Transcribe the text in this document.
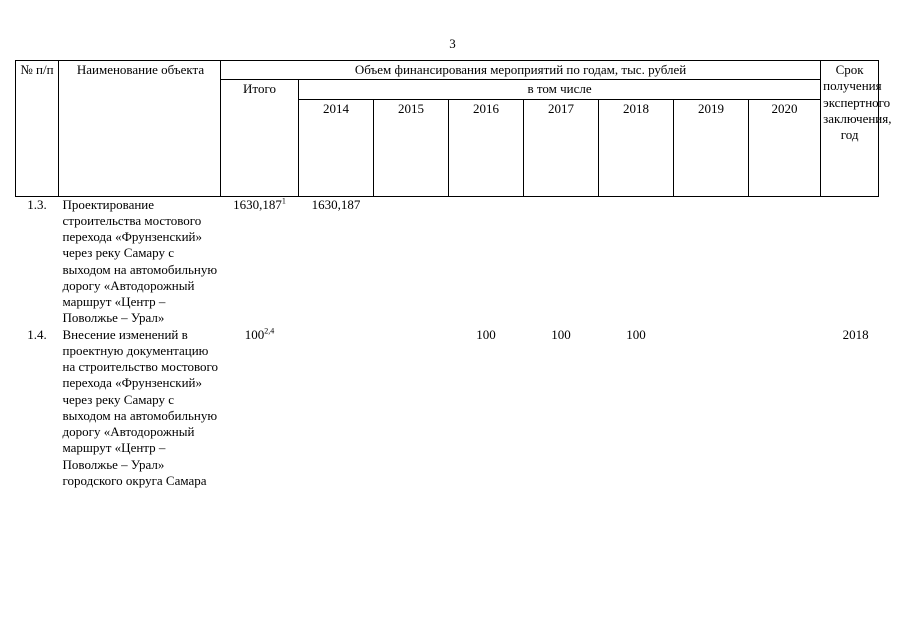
3
№ п/п	Наименование объекта	Объем финансирования мероприятий по годам, тыс. рублей								Срок получения экспертного заключения, год
		Итого	в том числе							
			2014	2015	2016	2017	2018	2019	2020	
1.3.	Проектирование строительства мостового перехода «Фрунзенский» через реку Самару с выходом на автомобильную дорогу «Автодорожный маршрут «Центр – Поволжье – Урал»	1630,187$^1$	1630,187							
1.4.	Внесение изменений в проектную документацию на строительство мостового перехода «Фрунзенский» через реку Самару с выходом на автомобильную дорогу «Автодорожный маршрут «Центр – Поволжье – Урал» городского округа Самара	100$^{2,4}$			100	100	100			2018
